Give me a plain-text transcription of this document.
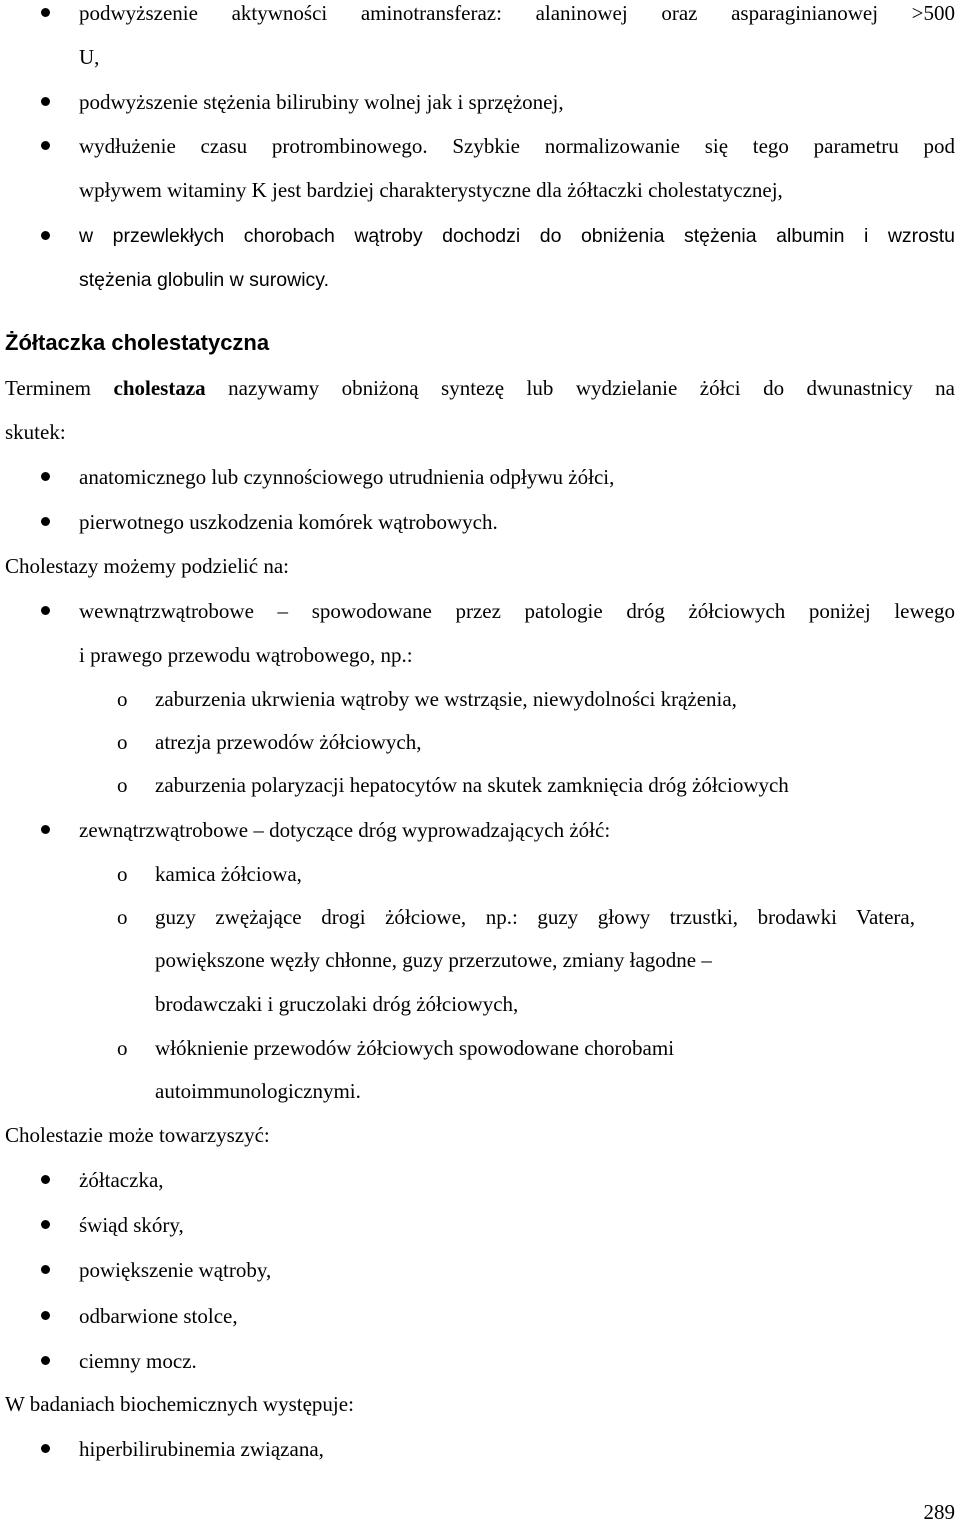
podwyższenie aktywności aminotransferaz: alaninowej oraz asparaginianowej >500
U,
podwyższenie stężenia bilirubiny wolnej jak i sprzężonej,
wydłużenie czasu protrombinowego. Szybkie normalizowanie się tego parametru pod
wpływem witaminy K jest bardziej charakterystyczne dla żółtaczki cholestatycznej,
w przewlekłych chorobach wątroby dochodzi do obniżenia stężenia albumin i wzrostu
stężenia globulin w surowicy.
Żółtaczka cholestatyczna
Terminem cholestaza nazywamy obniżoną syntezę lub wydzielanie żółci do dwunastnicy na
skutek:
anatomicznego lub czynnościowego utrudnienia odpływu żółci,
pierwotnego uszkodzenia komórek wątrobowych.
Cholestazy możemy podzielić na:
wewnątrzwątrobowe – spowodowane przez patologie dróg żółciowych poniżej lewego
i prawego przewodu wątrobowego, np.:
o zaburzenia ukrwienia wątroby we wstrząsie, niewydolności krążenia,
o atrezja przewodów żółciowych,
o zaburzenia polaryzacji hepatocytów na skutek zamknięcia dróg żółciowych
zewnątrzwątrobowe – dotyczące dróg wyprowadzających żółć:
o kamica żółciowa,
o guzy zwężające drogi żółciowe, np.: guzy głowy trzustki, brodawki Vatera,
powiększone węzły chłonne, guzy przerzutowe, zmiany łagodne –
brodawczaki i gruczolaki dróg żółciowych,
o włóknienie przewodów żółciowych spowodowane chorobami
autoimmunologicznymi.
Cholestazie może towarzyszyć:
żółtaczka,
świąd skóry,
powiększenie wątroby,
odbarwione stolce,
ciemny mocz.
W badaniach biochemicznych występuje:
hiperbilirubinemia związana,
289
